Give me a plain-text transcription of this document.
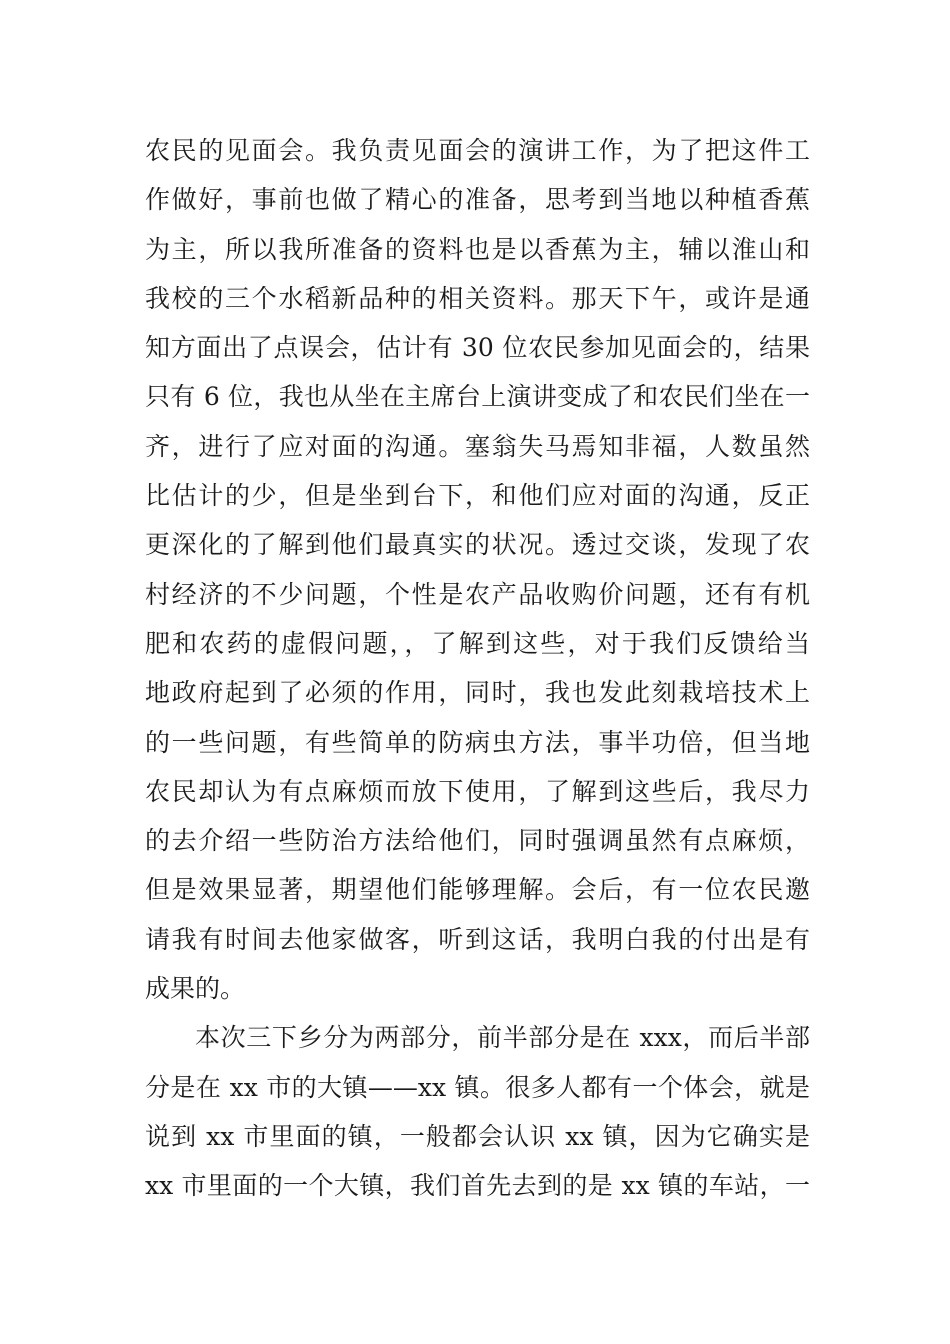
农民的见面会。我负责见面会的演讲工作，为了把这件工
作做好，事前也做了精心的准备，思考到当地以种植香蕉
为主，所以我所准备的资料也是以香蕉为主，辅以淮山和
我校的三个水稻新品种的相关资料。那天下午，或许是通
知方面出了点误会，估计有 30 位农民参加见面会的，结果
只有 6 位，我也从坐在主席台上演讲变成了和农民们坐在一
齐，进行了应对面的沟通。塞翁失马焉知非福，人数虽然
比估计的少，但是坐到台下，和他们应对面的沟通，反正
更深化的了解到他们最真实的状况。透过交谈，发现了农
村经济的不少问题，个性是农产品收购价问题，还有有机
肥和农药的虚假问题，，了解到这些，对于我们反馈给当
地政府起到了必须的作用，同时，我也发此刻栽培技术上
的一些问题，有些简单的防病虫方法，事半功倍，但当地
农民却认为有点麻烦而放下使用，了解到这些后，我尽力
的去介绍一些防治方法给他们，同时强调虽然有点麻烦，
但是效果显著，期望他们能够理解。会后，有一位农民邀
请我有时间去他家做客，听到这话，我明白我的付出是有
成果的。
本次三下乡分为两部分，前半部分是在 xxx，而后半部
分是在 xx 市的大镇——xx 镇。很多人都有一个体会，就是
说到 xx 市里面的镇，一般都会认识 xx 镇，因为它确实是
xx 市里面的一个大镇，我们首先去到的是 xx 镇的车站，一
